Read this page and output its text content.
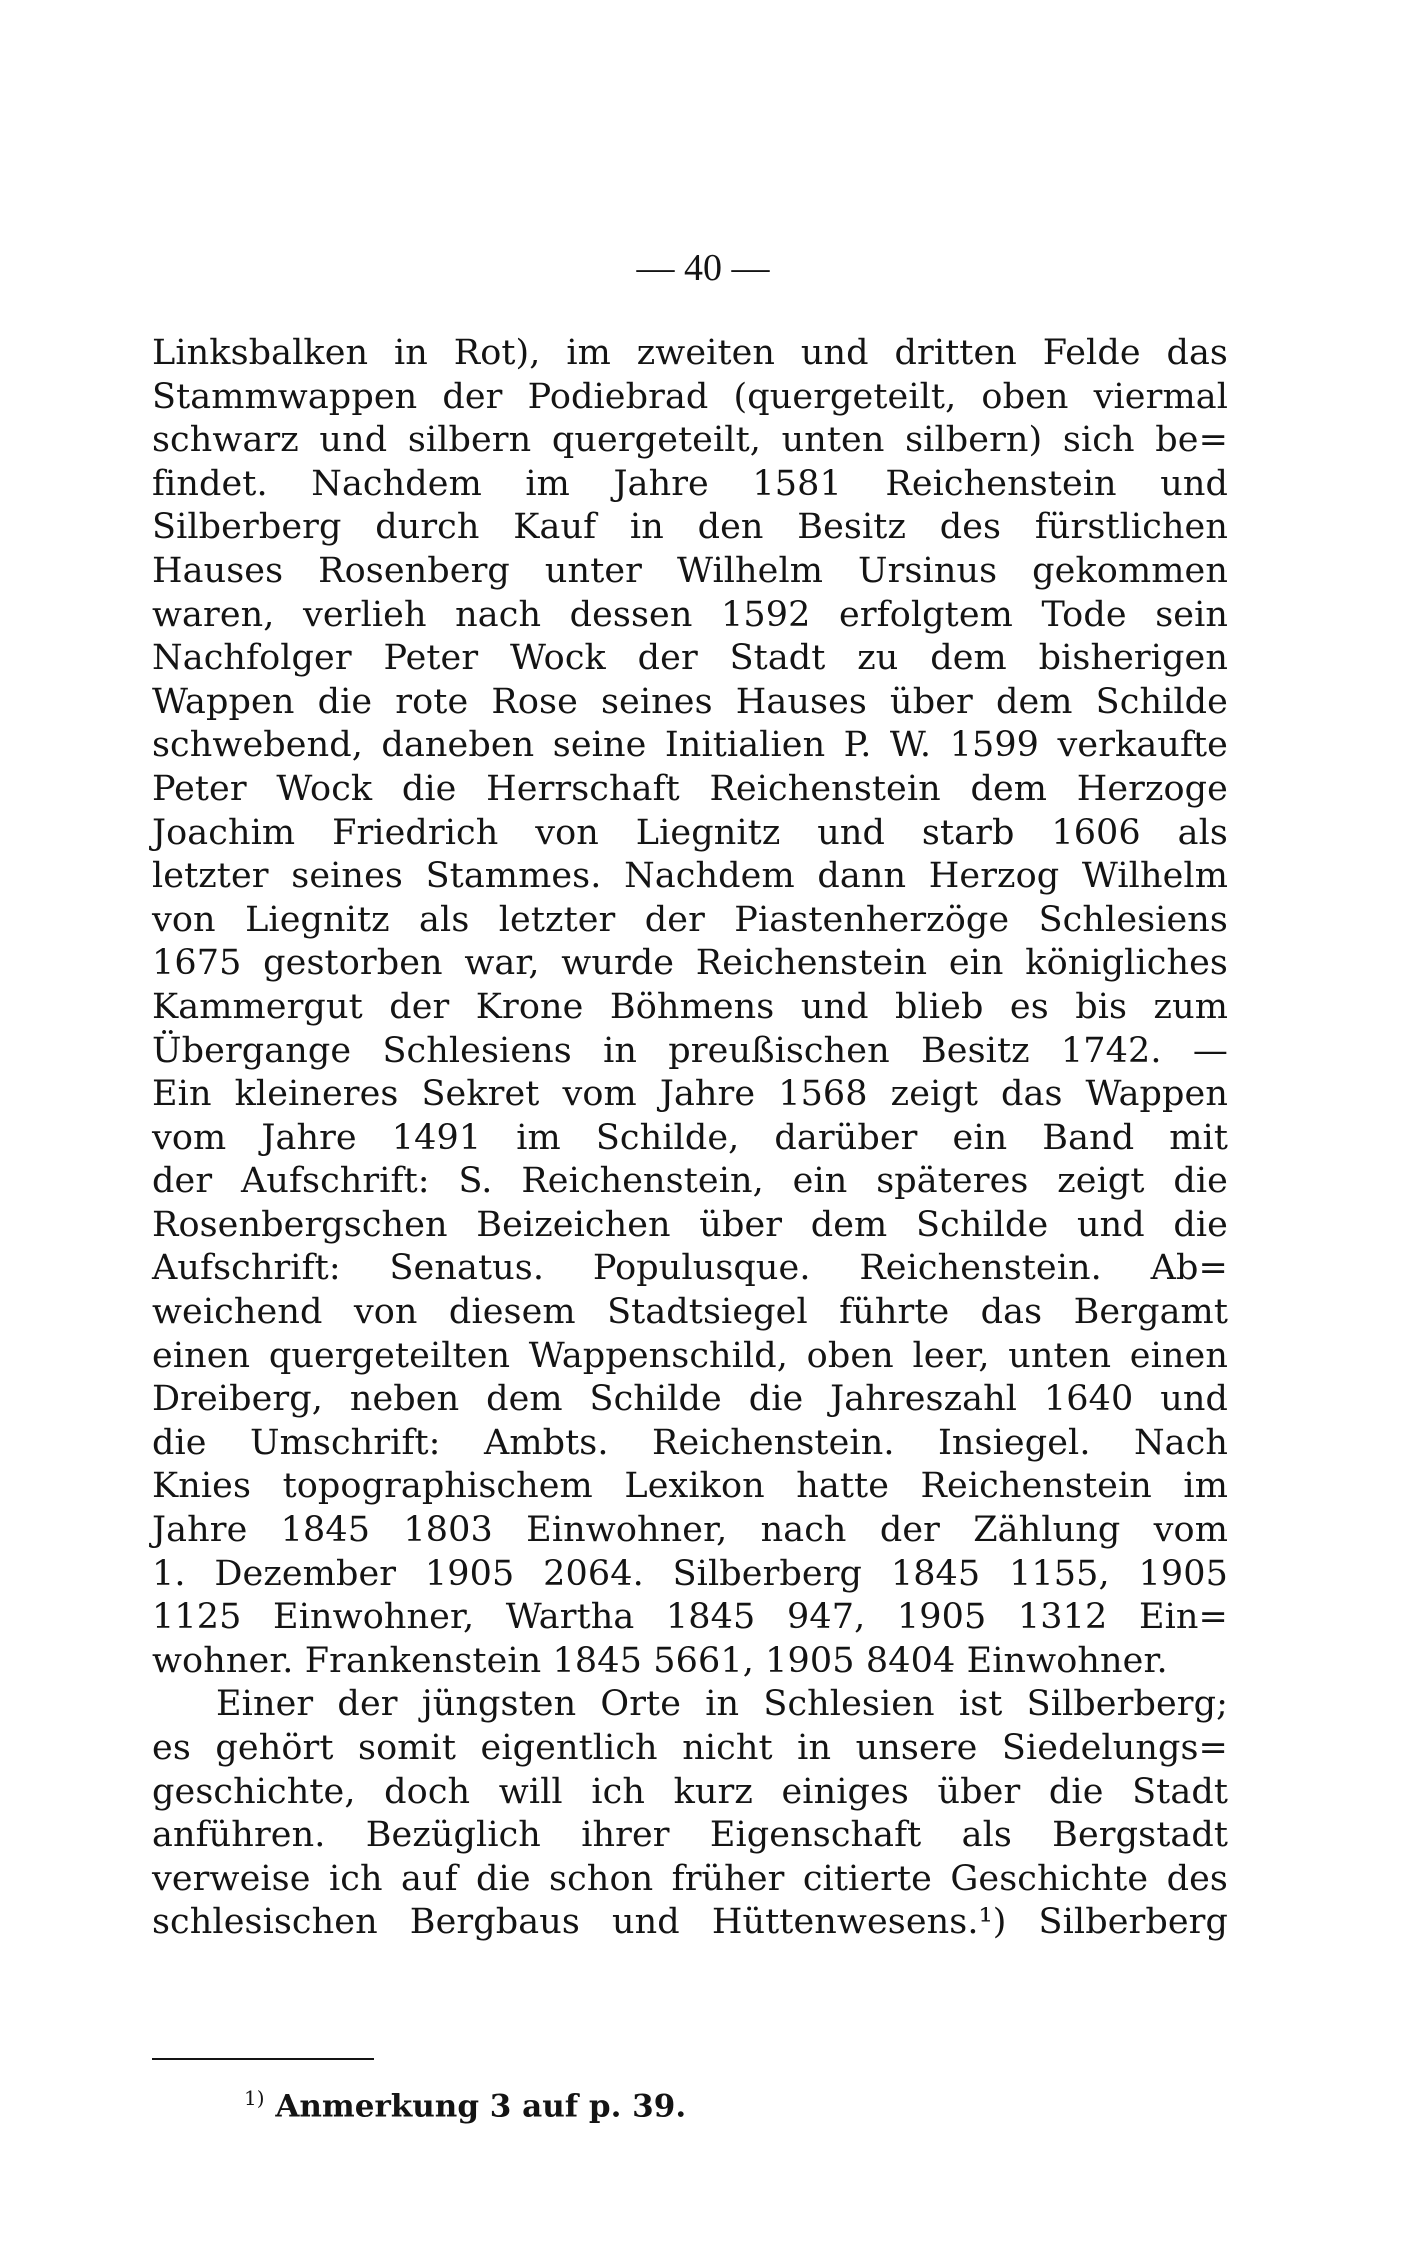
— 40 —
Linksbalken in Rot), im zweiten und dritten Felde das
Stammwappen der Podiebrad (quergeteilt, oben viermal
schwarz und silbern quergeteilt, unten silbern) sich be=
findet. Nachdem im Jahre 1581 Reichenstein und
Silberberg durch Kauf in den Besitz des fürstlichen
Hauses Rosenberg unter Wilhelm Ursinus gekommen
waren, verlieh nach dessen 1592 erfolgtem Tode sein
Nachfolger Peter Wock der Stadt zu dem bisherigen
Wappen die rote Rose seines Hauses über dem Schilde
schwebend, daneben seine Initialien P. W. 1599 verkaufte
Peter Wock die Herrschaft Reichenstein dem Herzoge
Joachim Friedrich von Liegnitz und starb 1606 als
letzter seines Stammes. Nachdem dann Herzog Wilhelm
von Liegnitz als letzter der Piastenherzöge Schlesiens
1675 gestorben war, wurde Reichenstein ein königliches
Kammergut der Krone Böhmens und blieb es bis zum
Übergange Schlesiens in preußischen Besitz 1742. —
Ein kleineres Sekret vom Jahre 1568 zeigt das Wappen
vom Jahre 1491 im Schilde, darüber ein Band mit
der Aufschrift: S. Reichenstein, ein späteres zeigt die
Rosenbergschen Beizeichen über dem Schilde und die
Aufschrift: Senatus. Populusque. Reichenstein. Ab=
weichend von diesem Stadtsiegel führte das Bergamt
einen quergeteilten Wappenschild, oben leer, unten einen
Dreiberg, neben dem Schilde die Jahreszahl 1640 und
die Umschrift: Ambts. Reichenstein. Insiegel. Nach
Knies topographischem Lexikon hatte Reichenstein im
Jahre 1845 1803 Einwohner, nach der Zählung vom
1. Dezember 1905 2064. Silberberg 1845 1155, 1905
1125 Einwohner, Wartha 1845 947, 1905 1312 Ein=
wohner. Frankenstein 1845 5661, 1905 8404 Einwohner.
Einer der jüngsten Orte in Schlesien ist Silberberg;
es gehört somit eigentlich nicht in unsere Siedelungs=
geschichte, doch will ich kurz einiges über die Stadt
anführen. Bezüglich ihrer Eigenschaft als Bergstadt
verweise ich auf die schon früher citierte Geschichte des
schlesischen Bergbaus und Hüttenwesens.¹) Silberberg
$^{1)}$ Anmerkung 3 auf p. 39.
